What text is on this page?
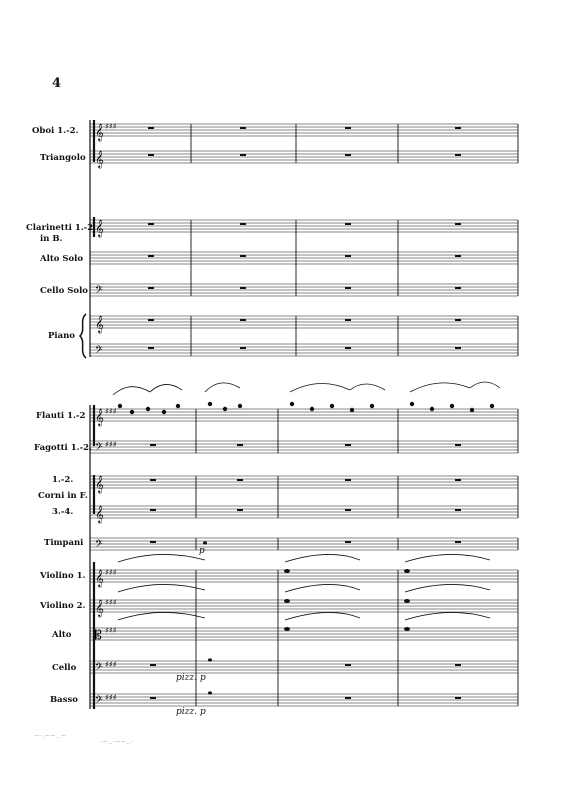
4
𝄞 ♯♯♯
𝄞
𝄞
𝄢
𝄞
𝄢
Oboi 1.-2.
Triangolo
Clarinetti 1.-2.
in B.
Alto Solo
Cello Solo
Piano
𝄞 ♯♯♯
𝄢 ♯♯♯
𝄞
𝄞
𝄢
𝄞 ♯♯♯
𝄞 ♯♯♯
𝄡 ♯♯♯
𝄢 ♯♯♯
𝄢 ♯♯♯
p
pizz. p
pizz. p
Flauti 1.-2
Fagotti 1.-2.
1.-2.
Corni in F.
3.-4.
Timpani
Violino 1.
Violino 2.
Alto
Cello
Basso
~·.~~..~
·~..·~~..·
